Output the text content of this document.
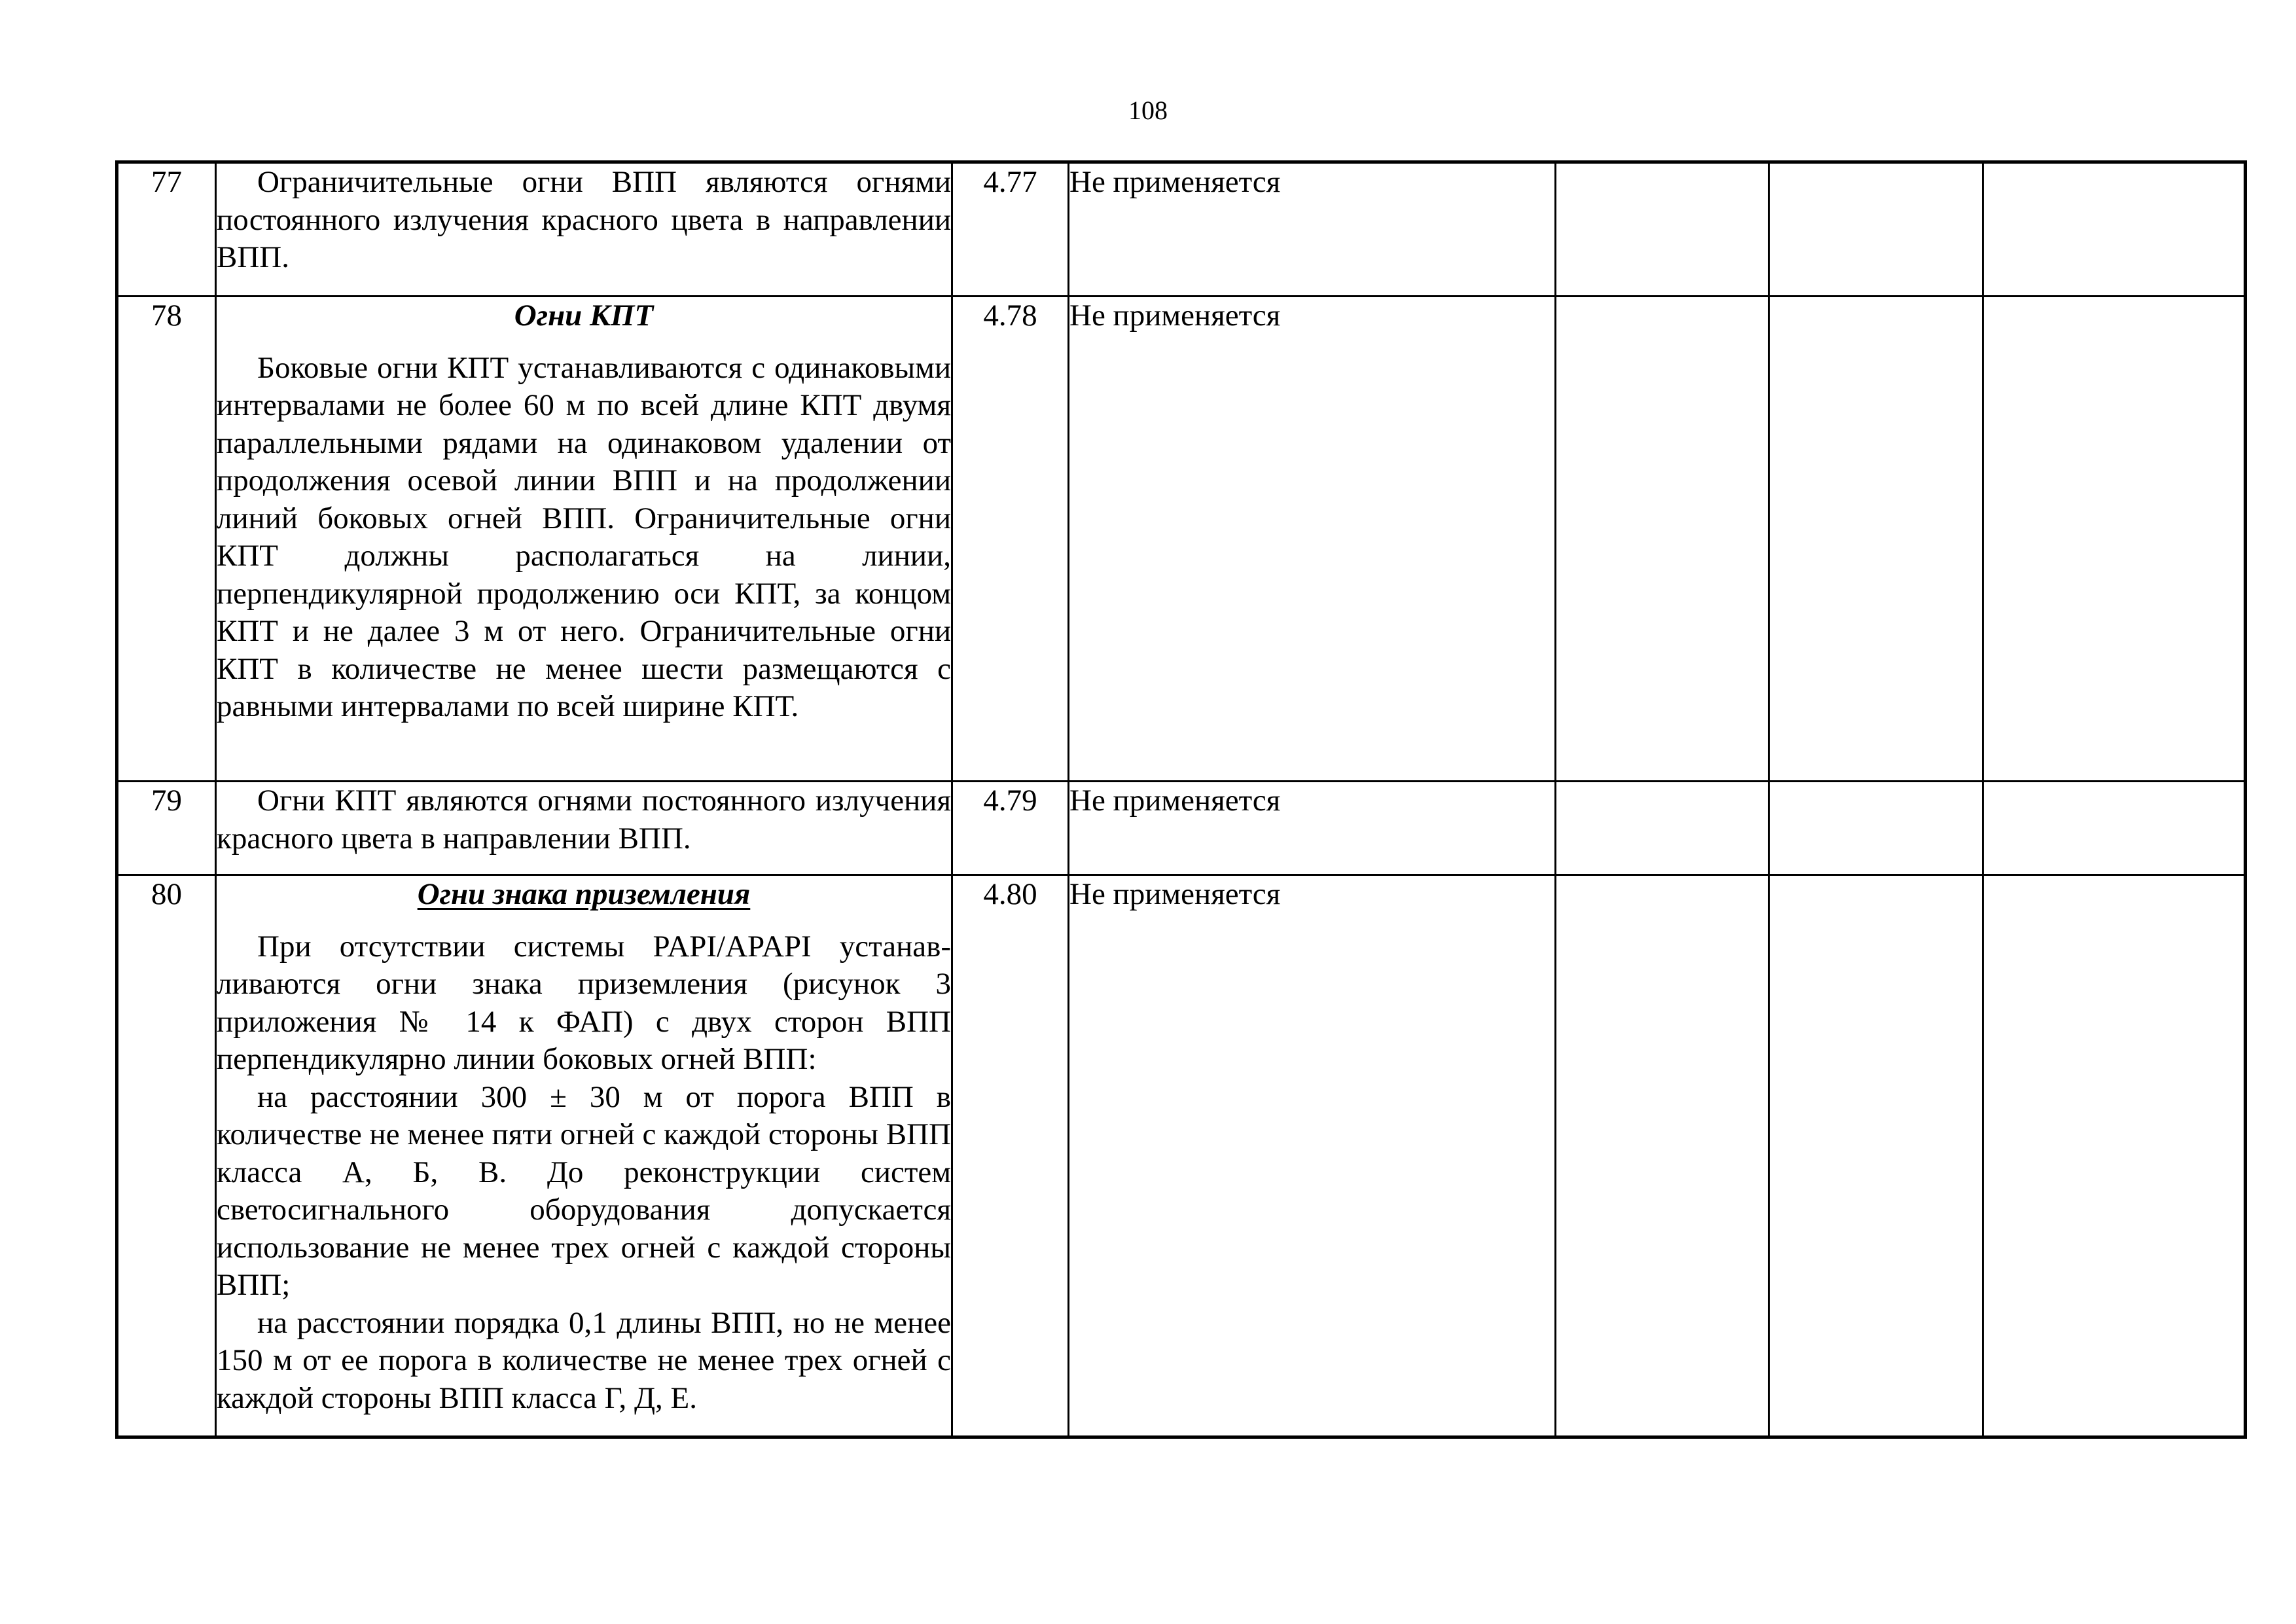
108
77	Ограничительные огни ВПП являются огнями постоянного излучения красного цвета в направлении ВПП.	4.77	Не применяется			
78	Огни КПТ

Боковые огни КПТ устанавливаются с одинаковыми интервалами не более 60 м по всей длине КПТ двумя параллельными рядами на одинаковом удалении от продолжения осевой линии ВПП и на продолжении линий боковых огней ВПП. Ограничительные огни КПТ должны располагаться на линии, перпендикулярной продолжению оси КПТ, за концом КПТ и не далее 3 м от него. Ограничительные огни КПТ в количестве не менее шести размещаются с равными интервалами по всей ширине КПТ.	4.78	Не применяется			
79	Огни КПТ являются огнями постоянного излучения красного цвета в направлении ВПП.	4.79	Не применяется			
80	Огни знака приземления

При отсутствии системы PAPI/APAPI устанав-ливаются огни знака приземления (рисунок 3 приложения № 14 к ФАП) с двух сторон ВПП перпендикулярно линии боковых огней ВПП:

на расстоянии 300 ± 30 м от порога ВПП в количестве не менее пяти огней с каждой стороны ВПП класса А, Б, В. До реконструкции систем светосигнального оборудования допускается использование не менее трех огней с каждой стороны ВПП;

на расстоянии порядка 0,1 длины ВПП, но не менее 150 м от ее порога в количестве не менее трех огней с каждой стороны ВПП класса Г, Д, Е.	4.80	Не применяется			
